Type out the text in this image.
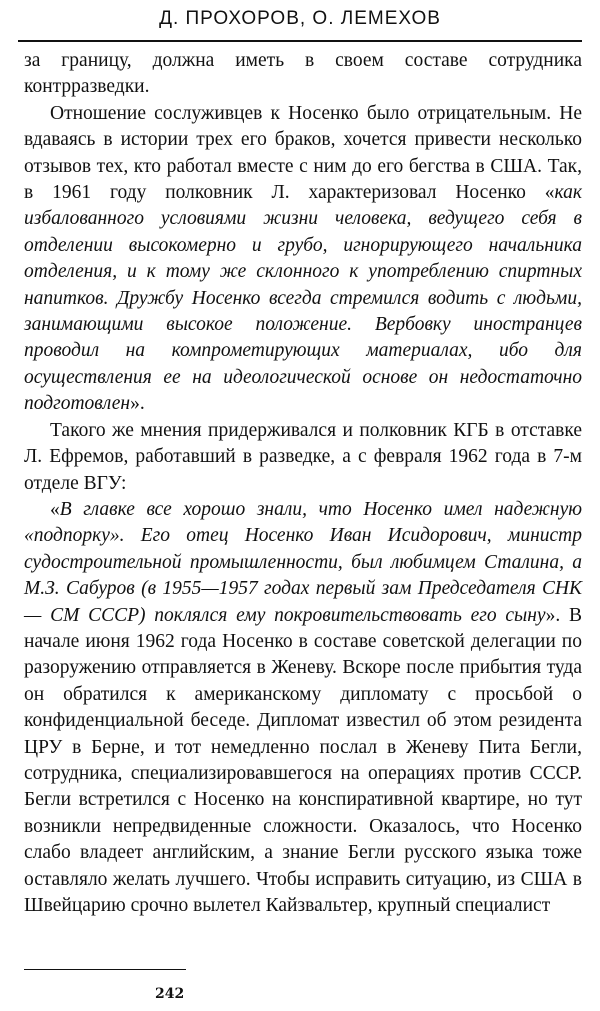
Д. ПРОХОРОВ, О. ЛЕМЕХОВ

за границу, должна иметь в своем составе сотрудника контрразведки.

Отношение сослуживцев к Носенко было отрицательным. Не вдаваясь в истории трех его браков, хочется привести несколько отзывов тех, кто работал вместе с ним до его бегства в США. Так, в 1961 году полковник Л. характеризовал Носенко «как избалованного условиями жизни человека, ведущего себя в отделении высокомерно и грубо, игнорирующего начальника отделения, и к тому же склонного к употреблению спиртных напитков. Дружбу Носенко всегда стремился водить с людьми, занимающими высокое положение. Вербовку иностранцев проводил на компрометирующих материалах, ибо для осуществления ее на идеологической основе он недостаточно подготовлен».

Такого же мнения придерживался и полковник КГБ в отставке Л. Ефремов, работавший в разведке, а с февраля 1962 года в 7-м отделе ВГУ:

«В главке все хорошо знали, что Носенко имел надежную «подпорку». Его отец Носенко Иван Исидорович, министр судостроительной промышленности, был любимцем Сталина, а М.З. Сабуров (в 1955—1957 годах первый зам Председателя СНК — СМ СССР) поклялся ему покровительствовать его сыну». В начале июня 1962 года Носенко в составе советской делегации по разоружению отправляется в Женеву. Вскоре после прибытия туда он обратился к американскому дипломату с просьбой о конфиденциальной беседе. Дипломат известил об этом резидента ЦРУ в Берне, и тот немедленно послал в Женеву Пита Бегли, сотрудника, специализировавшегося на операциях против СССР. Бегли встретился с Носенко на конспиративной квартире, но тут возникли непредвиденные сложности. Оказалось, что Носенко слабо владеет английским, а знание Бегли русского языка тоже оставляло желать лучшего. Чтобы исправить ситуацию, из США в Швейцарию срочно вылетел Кайзвальтер, крупный специалист

242
